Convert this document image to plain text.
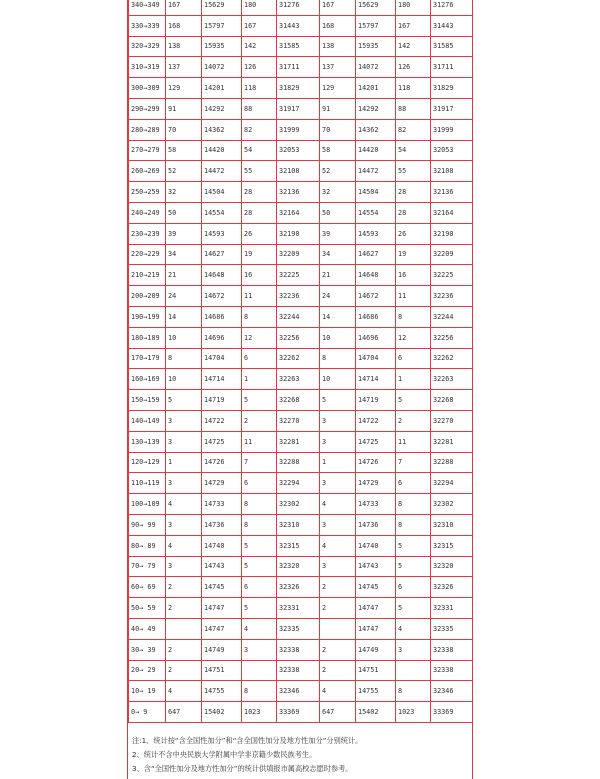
340→349	167	15629	180	31276	167	15629	180	31276
330→339	168	15797	167	31443	168	15797	167	31443
320→329	138	15935	142	31585	138	15935	142	31585
310→319	137	14072	126	31711	137	14072	126	31711
300→309	129	14201	118	31829	129	14201	118	31829
290→299	91	14292	88	31917	91	14292	88	31917
280→289	70	14362	82	31999	70	14362	82	31999
270→279	58	14420	54	32053	58	14420	54	32053
260→269	52	14472	55	32108	52	14472	55	32108
250→259	32	14504	28	32136	32	14504	28	32136
240→249	50	14554	28	32164	50	14554	28	32164
230→239	39	14593	26	32190	39	14593	26	32190
220→229	34	14627	19	32209	34	14627	19	32209
210→219	21	14648	16	32225	21	14648	16	32225
200→209	24	14672	11	32236	24	14672	11	32236
190→199	14	14686	8	32244	14	14686	8	32244
180→189	10	14696	12	32256	10	14696	12	32256
170→179	8	14704	6	32262	8	14704	6	32262
160→169	10	14714	1	32263	10	14714	1	32263
150→159	5	14719	5	32268	5	14719	5	32268
140→149	3	14722	2	32270	3	14722	2	32270
130→139	3	14725	11	32281	3	14725	11	32281
120→129	1	14726	7	32288	1	14726	7	32288
110→119	3	14729	6	32294	3	14729	6	32294
100→109	4	14733	8	32302	4	14733	8	32302
90→ 99	3	14736	8	32310	3	14736	8	32310
80→ 89	4	14740	5	32315	4	14740	5	32315
70→ 79	3	14743	5	32320	3	14743	5	32320
60→ 69	2	14745	6	32326	2	14745	6	32326
50→ 59	2	14747	5	32331	2	14747	5	32331
40→ 49		14747	4	32335		14747	4	32335
30→ 39	2	14749	3	32338	2	14749	3	32338
20→ 29	2	14751		32338	2	14751		32338
10→ 19	4	14755	8	32346	4	14755	8	32346
0→ 9	647	15402	1023	33369	647	15402	1023	33369

注:1、统计按“含全国性加分”和“含全国性加分及地方性加分”分别统计。

2、统计不含中央民族大学附属中学非京籍少数民族考生。

3、含“全国性加分及地方性加分”的统计供填报市属高校志愿时参考。
